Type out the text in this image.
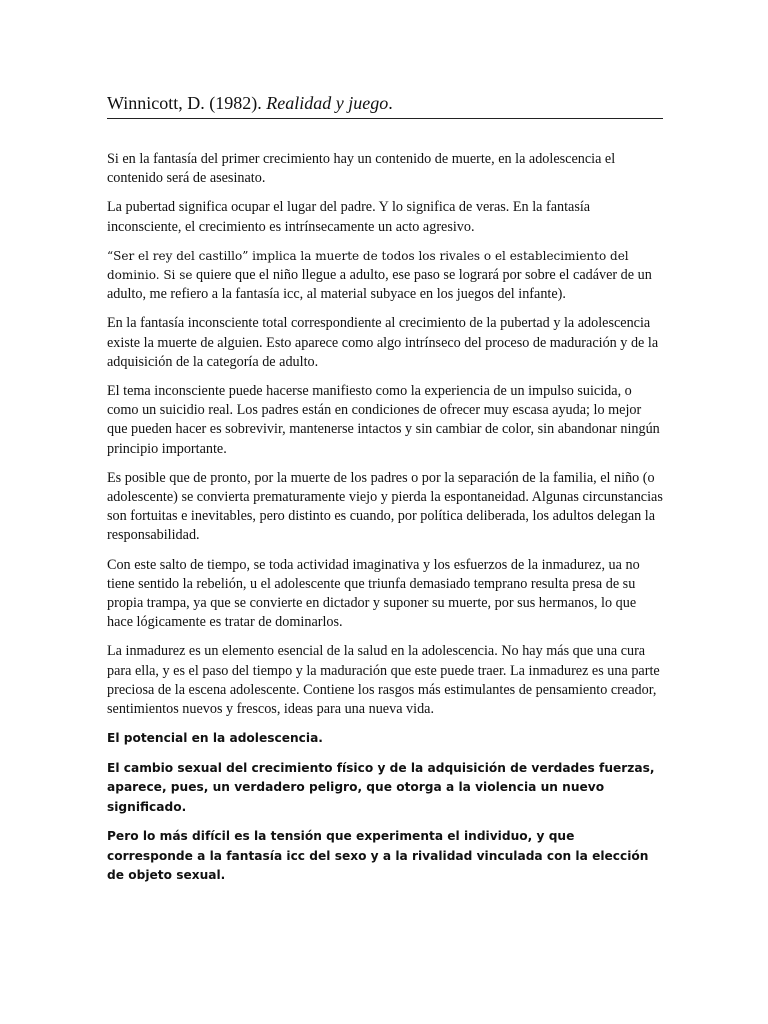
Winnicott, D. (1982). Realidad y juego.

Si en la fantasía del primer crecimiento hay un contenido de muerte, en la adolescencia el contenido será de asesinato.

La pubertad significa ocupar el lugar del padre. Y lo significa de veras. En la fantasía inconsciente, el crecimiento es intrínsecamente un acto agresivo.

“Ser el rey del castillo” implica la muerte de todos los rivales o el establecimiento del dominio. Si se quiere que el niño llegue a adulto, ese paso se logrará por sobre el cadáver de un adulto, me refiero a la fantasía icc, al material subyace en los juegos del infante).

En la fantasía inconsciente total correspondiente al crecimiento de la pubertad y la adolescencia existe la muerte de alguien. Esto aparece como algo intrínseco del proceso de maduración y de la adquisición de la categoría de adulto.

El tema inconsciente puede hacerse manifiesto como la experiencia de un impulso suicida, o como un suicidio real. Los padres están en condiciones de ofrecer muy escasa ayuda; lo mejor que pueden hacer es sobrevivir, mantenerse intactos y sin cambiar de color, sin abandonar ningún principio importante.

Es posible que de pronto, por la muerte de los padres o por la separación de la familia, el niño (o adolescente) se convierta prematuramente viejo y pierda la espontaneidad. Algunas circunstancias son fortuitas e inevitables, pero distinto es cuando, por política deliberada, los adultos delegan la responsabilidad.

Con este salto de tiempo, se toda actividad imaginativa y los esfuerzos de la inmadurez, ua no tiene sentido la rebelión, u el adolescente que triunfa demasiado temprano resulta presa de su propia trampa, ya que se convierte en dictador y suponer su muerte, por sus hermanos, lo que hace lógicamente es tratar de dominarlos.

La inmadurez es un elemento esencial de la salud en la adolescencia. No hay más que una cura para ella, y es el paso del tiempo y la maduración que este puede traer. La inmadurez es una parte preciosa de la escena adolescente. Contiene los rasgos más estimulantes de pensamiento creador, sentimientos nuevos y frescos, ideas para una nueva vida.

El potencial en la adolescencia.

El cambio sexual del crecimiento físico y de la adquisición de verdades fuerzas, aparece, pues, un verdadero peligro, que otorga a la violencia un nuevo significado.

Pero lo más difícil es la tensión que experimenta el individuo, y que corresponde a la fantasía icc del sexo y a la rivalidad vinculada con la elección de objeto sexual.
